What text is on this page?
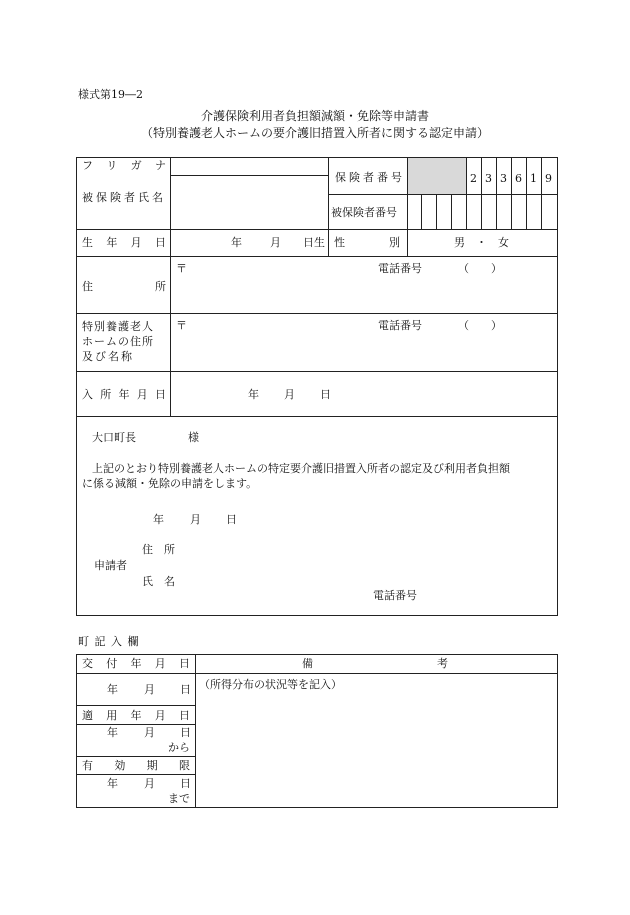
様式第19―2
介護保険利用者負担額減額・免除等申請書
（特別養護老人ホームの要介護旧措置入所者に関する認定申請）
フ リ ガ ナ
被保険者氏名
保険者番号	2 3 3 6 1 9
被保険者番号
生 年 月 日	年	月 日生 性	別	男　・　女
住	所
〒	電話番号	（　　）
特別養護老人
ホームの住所
及び名称
〒	電話番号	（　　）
入 所 年 月 日	年 月 日
大口町長	様
上記のとおり特別養護老人ホームの特定要介護旧措置入所者の認定及び利用者負担額
に係る減額・免除の申請をします。
年 月 日
住　所
申請者
氏　名
電話番号
町 記 入 欄
交 付 年 月 日	備	考
年 月 日 （所得分布の状況等を記入）
適 用 年 月 日
年 月 日
から
有 効 期 限
年 月 日
まで
